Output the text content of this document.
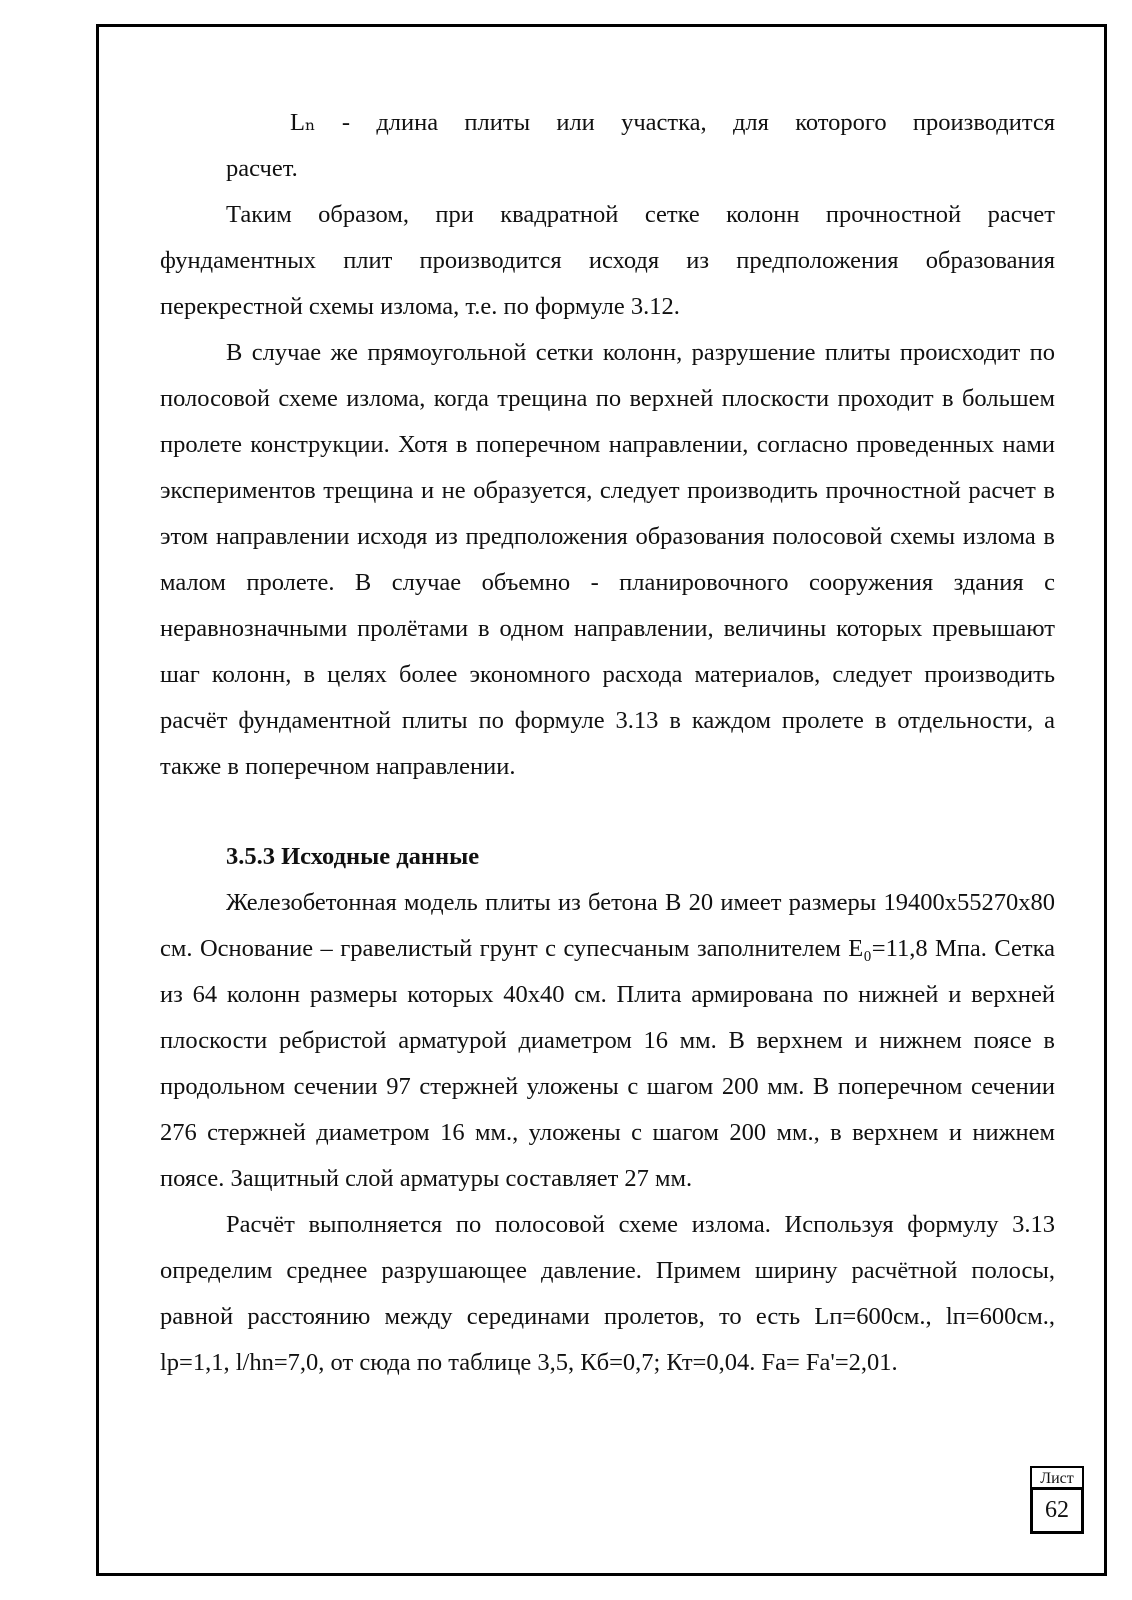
Lₙ - длина плиты или участка, для которого производится
расчет.

Таким образом, при квадратной сетке колонн прочностной расчет фундаментных плит производится исходя из предположения образования перекрестной схемы излома, т.е. по формуле 3.12.

В случае же прямоугольной сетки колонн, разрушение плиты происходит по полосовой схеме излома, когда трещина по верхней плоскости проходит в большем пролете конструкции. Хотя в поперечном направлении, согласно проведенных нами экспериментов трещина и не образуется, следует производить прочностной расчет в этом направлении исходя из предположения образования полосовой схемы излома в малом пролете. В случае объемно - планировочного сооружения здания с неравнозначными пролётами в одном направлении, величины которых превышают шаг колонн, в целях более экономного расхода материалов, следует производить расчёт фундаментной плиты по формуле 3.13 в каждом пролете в отдельности, а также в поперечном направлении.

3.5.3 Исходные данные

Железобетонная модель плиты из бетона В 20 имеет размеры 19400х55270х80 см. Основание – гравелистый грунт с супесчаным заполнителем E₀=11,8 Мпа. Сетка из 64 колонн размеры которых 40х40 см. Плита армирована по нижней и верхней плоскости ребристой арматурой диаметром 16 мм. В верхнем и нижнем поясе в продольном сечении 97 стержней уложены с шагом 200 мм. В поперечном сечении 276 стержней диаметром 16 мм., уложены с шагом 200 мм., в верхнем и нижнем поясе. Защитный слой арматуры составляет 27 мм.

Расчёт выполняется по полосовой схеме излома. Используя формулу 3.13 определим среднее разрушающее давление. Примем ширину расчётной полосы, равной расстоянию между серединами пролетов, то есть Lп=600см., lп=600см., lр=1,1, l/hn=7,0, от сюда по таблице 3,5, Кб=0,7; Кт=0,04. Fа= Fа'=2,01.

Лист
62
